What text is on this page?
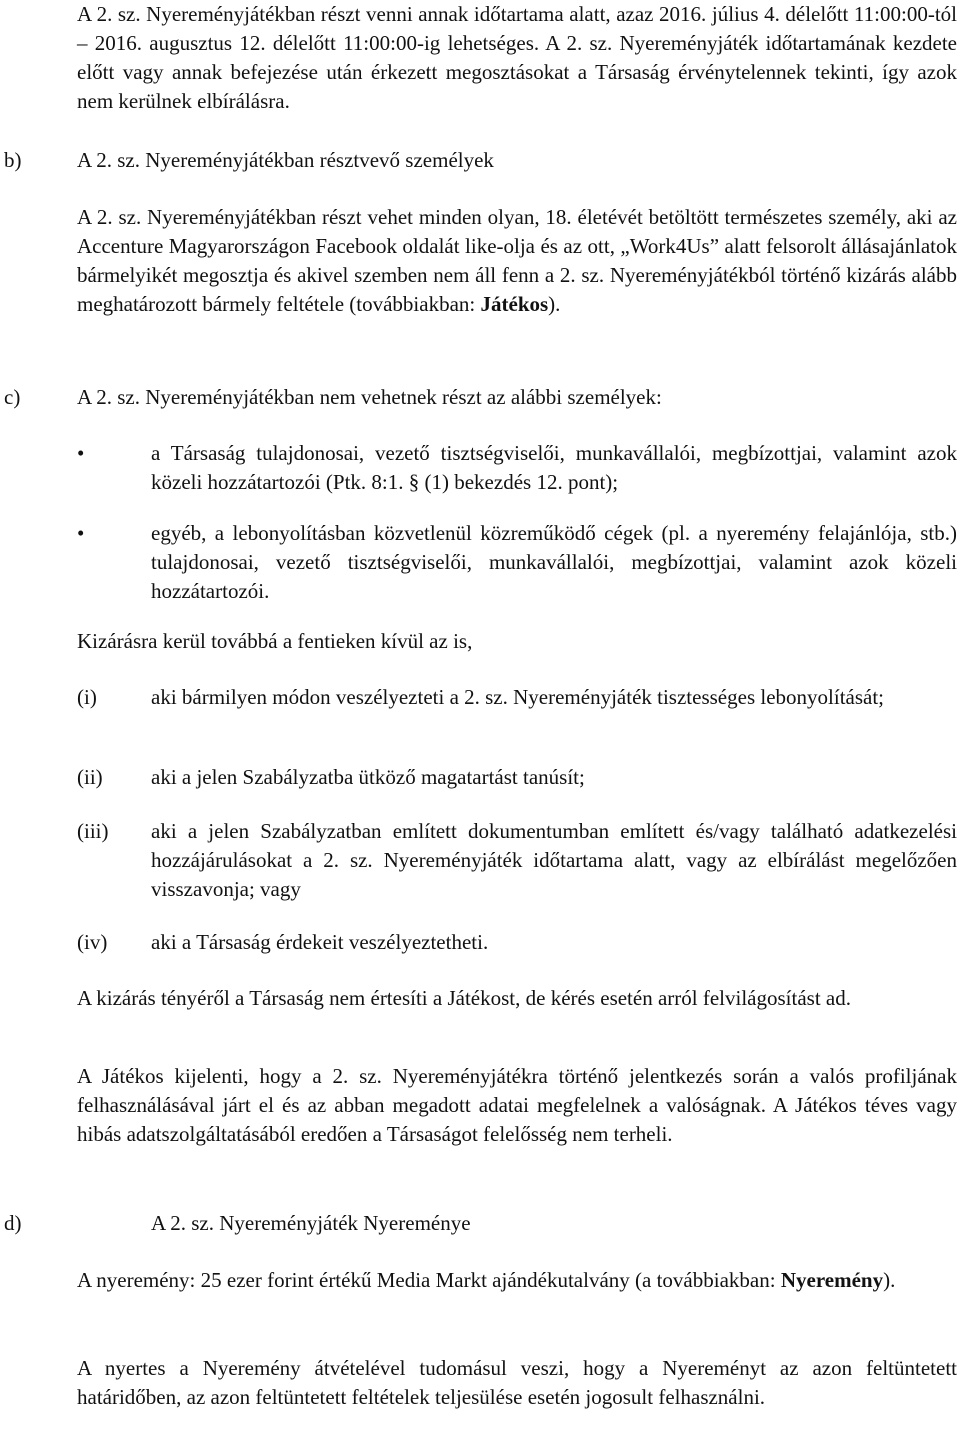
A 2. sz. Nyereményjátékban részt venni annak időtartama alatt, azaz 2016. július 4. délelőtt 11:00:00-tól – 2016. augusztus 12. délelőtt 11:00:00-ig lehetséges. A 2. sz. Nyereményjáték időtartamának kezdete előtt vagy annak befejezése után érkezett megosztásokat a Társaság érvénytelennek tekinti, így azok nem kerülnek elbírálásra.

b)	A 2. sz. Nyereményjátékban résztvevő személyek

A 2. sz. Nyereményjátékban részt vehet minden olyan, 18. életévét betöltött természetes személy, aki az Accenture Magyarországon Facebook oldalát like-olja és az ott, „Work4Us” alatt felsorolt állásajánlatok bármelyikét megosztja és akivel szemben nem áll fenn a 2. sz. Nyereményjátékból történő kizárás alább meghatározott bármely feltétele (továbbiakban: Játékos).

c)	A 2. sz. Nyereményjátékban nem vehetnek részt az alábbi személyek:
•	a Társaság tulajdonosai, vezető tisztségviselői, munkavállalói, megbízottjai, valamint azok közeli hozzátartozói (Ptk. 8:1. § (1) bekezdés 12. pont);
•	egyéb, a lebonyolításban közvetlenül közreműködő cégek (pl. a nyeremény felajánlója, stb.) tulajdonosai, vezető tisztségviselői, munkavállalói, megbízottjai, valamint azok közeli hozzátartozói.
Kizárásra kerül továbbá a fentieken kívül az is,
(i)	aki bármilyen módon veszélyezteti a 2. sz. Nyereményjáték tisztességes lebonyolítását;
(ii) aki a jelen Szabályzatba ütköző magatartást tanúsít;
(iii) aki a jelen Szabályzatban említett dokumentumban említett és/vagy található adatkezelési hozzájárulásokat a 2. sz. Nyereményjáték időtartama alatt, vagy az elbírálást megelőzően visszavonja; vagy
(iv) aki a Társaság érdekeit veszélyeztetheti.
A kizárás tényéről a Társaság nem értesíti a Játékost, de kérés esetén arról felvilágosítást ad.
A Játékos kijelenti, hogy a 2. sz. Nyereményjátékra történő jelentkezés során a valós profiljának felhasználásával járt el és az abban megadott adatai megfelelnek a valóságnak. A Játékos téves vagy hibás adatszolgáltatásából eredően a Társaságot felelősség nem terheli.
d)	A 2. sz. Nyereményjáték Nyereménye

A nyeremény: 25 ezer forint értékű Media Markt ajándékutalvány (a továbbiakban: Nyeremény).

A nyertes a Nyeremény átvételével tudomásul veszi, hogy a Nyereményt az azon feltüntetett határidőben, az azon feltüntetett feltételek teljesülése esetén jogosult felhasználni.
